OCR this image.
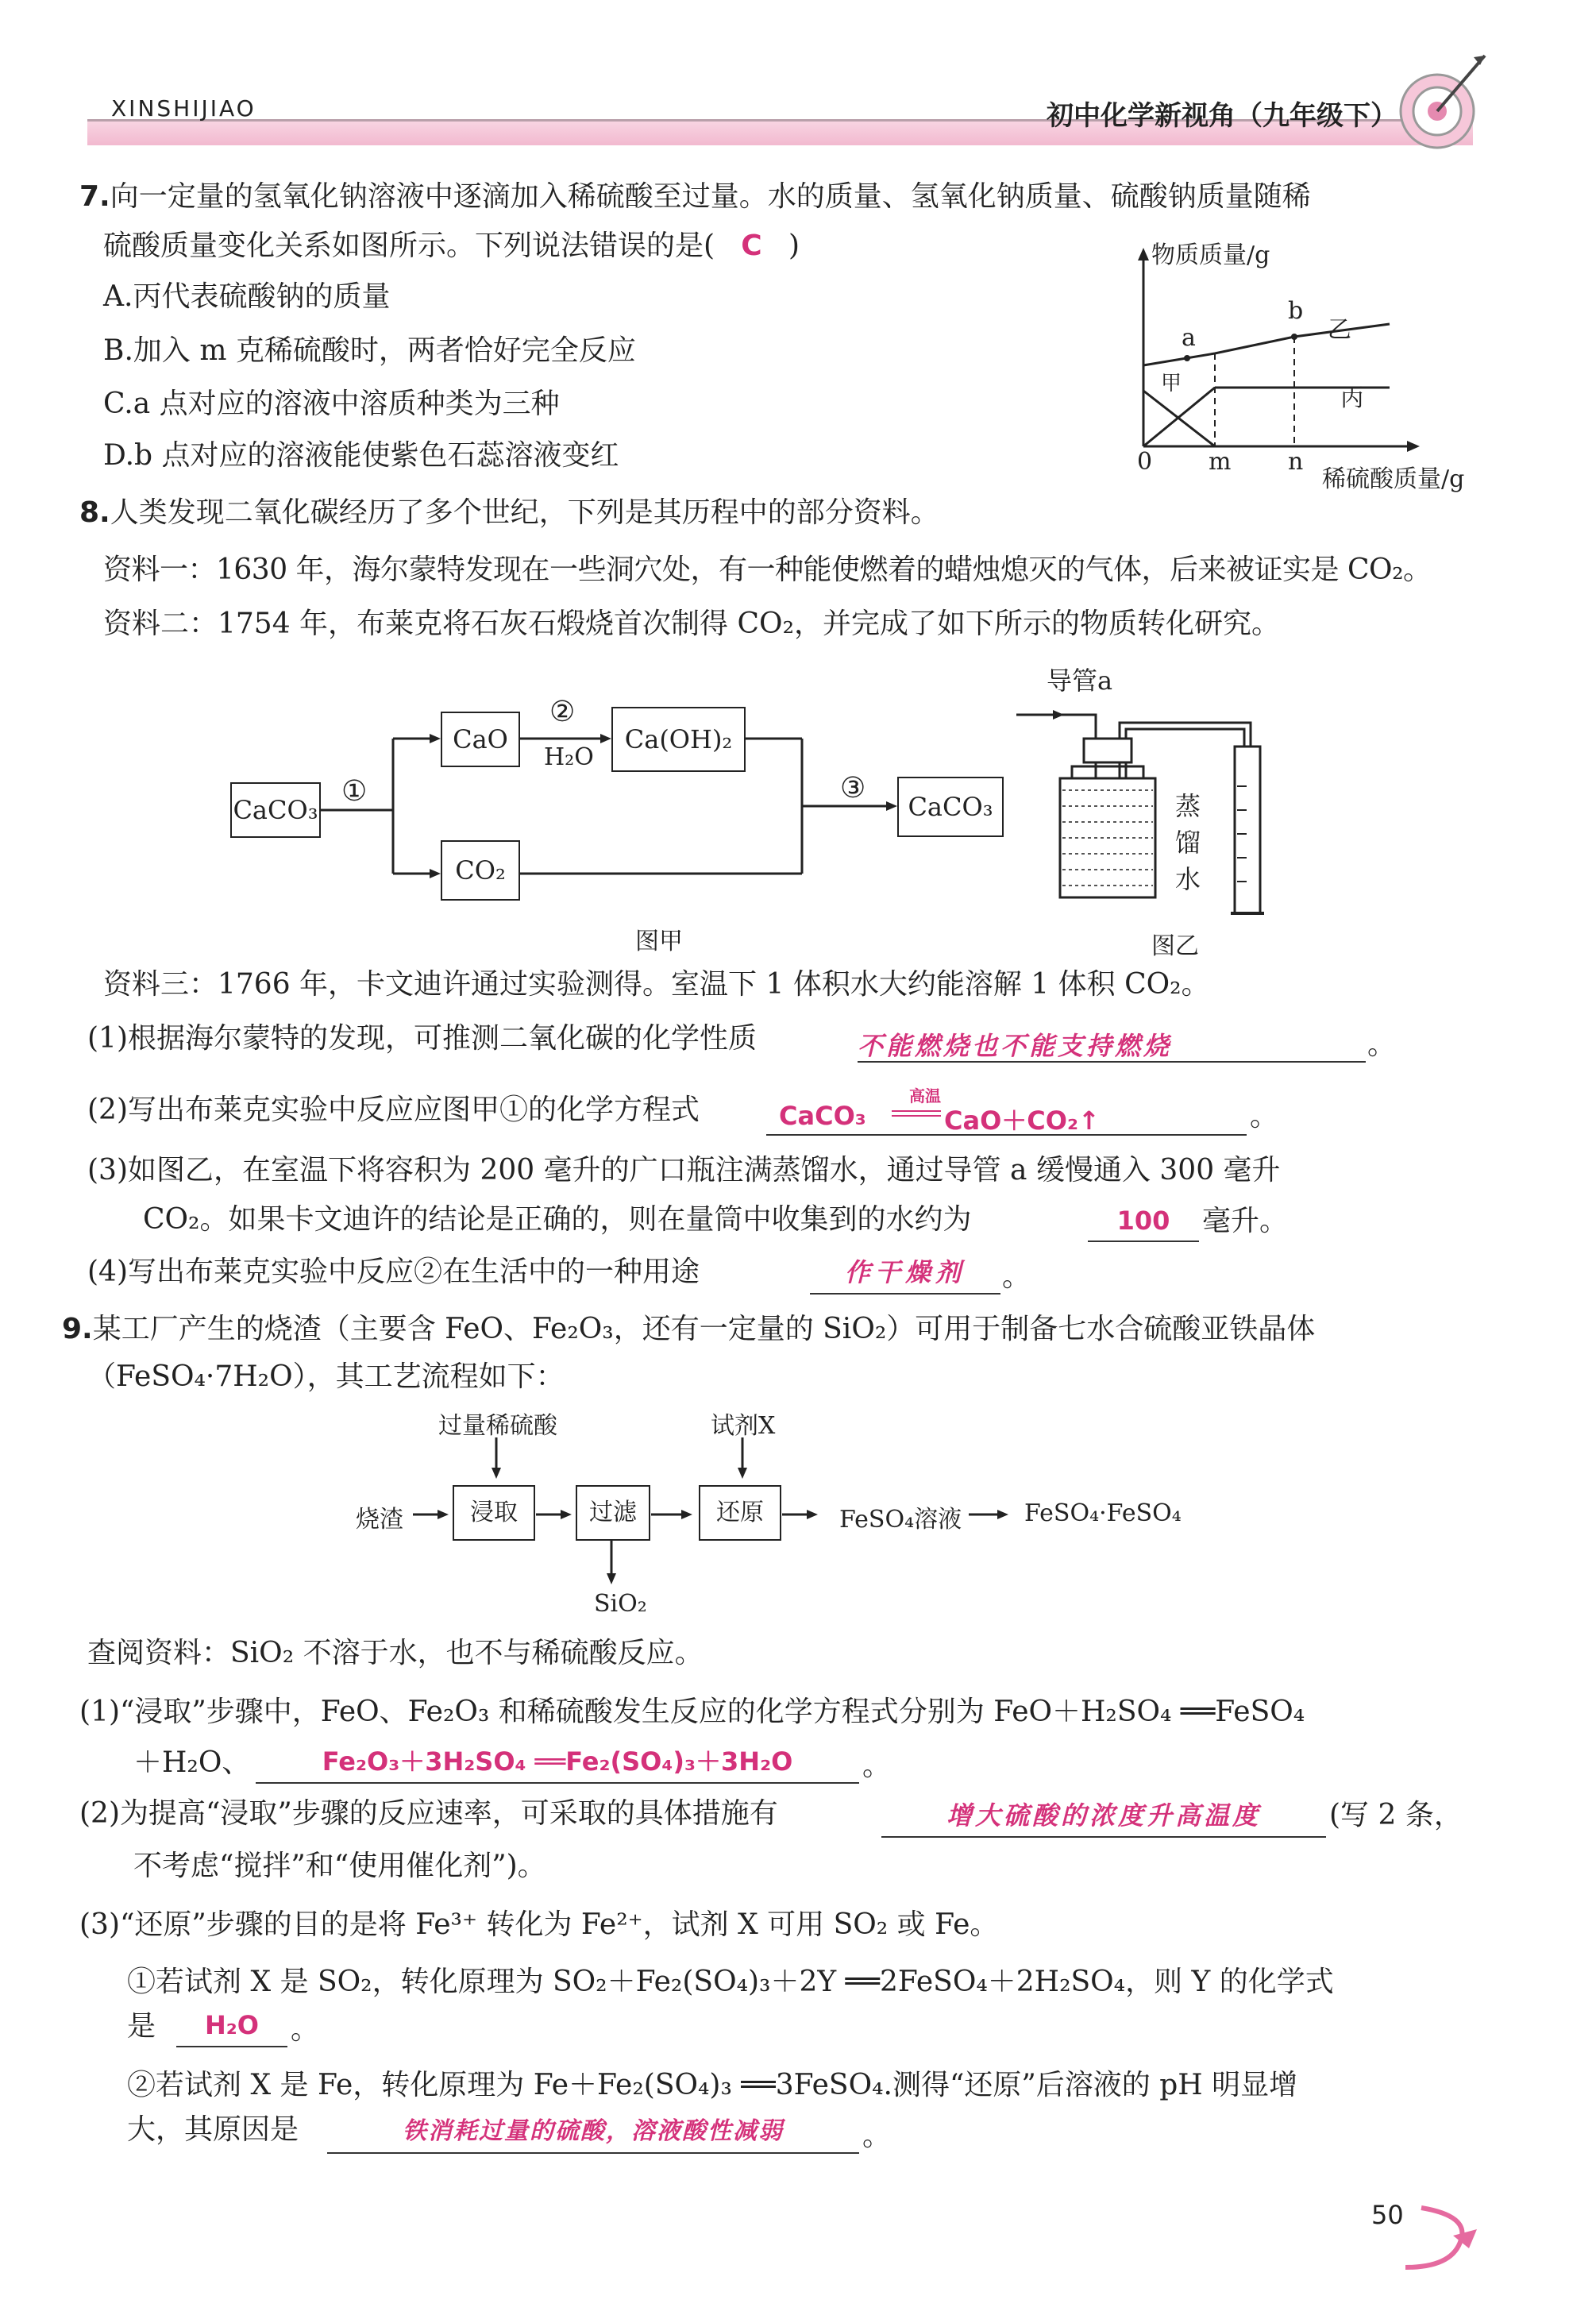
XINSHIJIAO	初中化学新视角（九年级下）
7.向一定量的氢氧化钠溶液中逐滴加入稀硫酸至过量。水的质量、氢氧化钠质量、硫酸钠质量随稀
硫酸质量变化关系如图所示。下列说法错误的是( C )
A.丙代表硫酸钠的质量
B.加入 m 克稀硫酸时，两者恰好完全反应
C.a 点对应的溶液中溶质种类为三种
D.b 点对应的溶液能使紫色石蕊溶液变红
物质质量/g
稀硫酸质量/g
0 m n
a
b
甲
乙
丙
8.人类发现二氧化碳经历了多个世纪，下列是其历程中的部分资料。
资料一：1630 年，海尔蒙特发现在一些洞穴处，有一种能使燃着的蜡烛熄灭的气体，后来被证实是 CO₂。
资料二：1754 年，布莱克将石灰石煅烧首次制得 CO₂，并完成了如下所示的物质转化研究。
CaCO₃
CaO	Ca(OH)₂
CO₂
CaCO₃
①
②
H₂O
③
图甲
导管a
蒸
馏
水
图乙
资料三：1766 年，卡文迪许通过实验测得。室温下 1 体积水大约能溶解 1 体积 CO₂。
(1)根据海尔蒙特的发现，可推测二氧化碳的化学性质	不能燃烧也不能支持燃烧	。
(2)写出布莱克实验中反应应图甲①的化学方程式	CaCO₃
高温
CaO＋CO₂↑	。
(3)如图乙，在室温下将容积为 200 毫升的广口瓶注满蒸馏水，通过导管 a 缓慢通入 300 毫升
CO₂。如果卡文迪许的结论是正确的，则在量筒中收集到的水约为	100	毫升。
(4)写出布莱克实验中反应②在生活中的一种用途	作干燥剂	。
9.某工厂产生的烧渣（主要含 FeO、Fe₂O₃，还有一定量的 SiO₂）可用于制备七水合硫酸亚铁晶体
（FeSO₄·7H₂O），其工艺流程如下：
过量稀硫酸	试剂X
烧渣	浸取	过滤	还原	FeSO₄溶液	FeSO₄·FeSO₄
SiO₂
查阅资料：SiO₂ 不溶于水，也不与稀硫酸反应。
(1)“浸取”步骤中，FeO、Fe₂O₃ 和稀硫酸发生反应的化学方程式分别为 FeO＋H₂SO₄ ══FeSO₄
＋H₂O、	Fe₂O₃＋3H₂SO₄ ══Fe₂(SO₄)₃＋3H₂O	。
(2)为提高“浸取”步骤的反应速率，可采取的具体措施有	增大硫酸的浓度升高温度	(写 2 条，
不考虑“搅拌”和“使用催化剂”)。
(3)“还原”步骤的目的是将 Fe³⁺ 转化为 Fe²⁺，试剂 X 可用 SO₂ 或 Fe。
①若试剂 X 是 SO₂，转化原理为 SO₂＋Fe₂(SO₄)₃＋2Y ══2FeSO₄＋2H₂SO₄，则 Y 的化学式
是	H₂O	。
②若试剂 X 是 Fe，转化原理为 Fe＋Fe₂(SO₄)₃ ══3FeSO₄.测得“还原”后溶液的 pH 明显增
大，其原因是	铁消耗过量的硫酸，溶液酸性减弱	。
50
